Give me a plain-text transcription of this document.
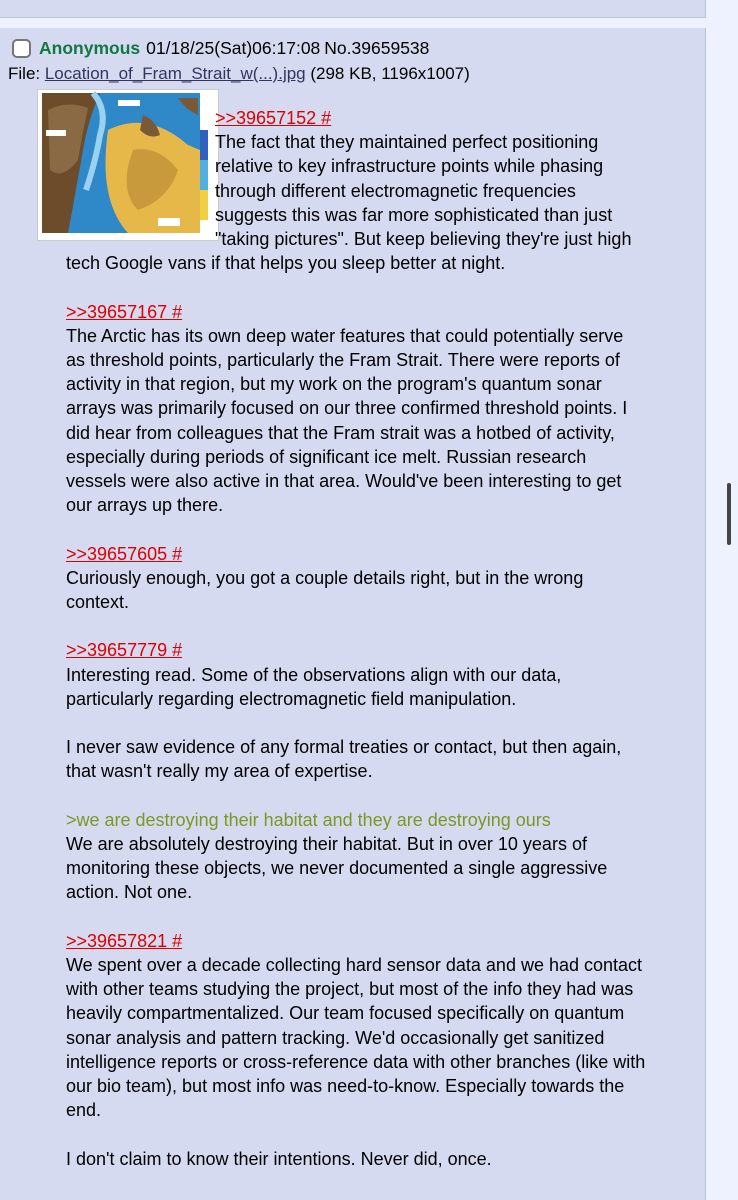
Anonymous 01/18/25(Sat)06:17:08 No.39659538
File: Location_of_Fram_Strait_w(...).jpg (298 KB, 1196x1007)

>>39657152 #
The fact that they maintained perfect positioning relative to key infrastructure points while phasing through different electromagnetic frequencies suggests this was far more sophisticated than just "taking pictures". But keep believing they're just high tech Google vans if that helps you sleep better at night.

>>39657167 #
The Arctic has its own deep water features that could potentially serve as threshold points, particularly the Fram Strait. There were reports of activity in that region, but my work on the program's quantum sonar arrays was primarily focused on our three confirmed threshold points. I did hear from colleagues that the Fram strait was a hotbed of activity, especially during periods of significant ice melt. Russian research vessels were also active in that area. Would've been interesting to get our arrays up there.

>>39657605 #
Curiously enough, you got a couple details right, but in the wrong context.

>>39657779 #
Interesting read. Some of the observations align with our data, particularly regarding electromagnetic field manipulation.

I never saw evidence of any formal treaties or contact, but then again, that wasn't really my area of expertise.

>we are destroying their habitat and they are destroying ours
We are absolutely destroying their habitat. But in over 10 years of monitoring these objects, we never documented a single aggressive action. Not one.

>>39657821 #
We spent over a decade collecting hard sensor data and we had contact with other teams studying the project, but most of the info they had was heavily compartmentalized. Our team focused specifically on quantum sonar analysis and pattern tracking. We'd occasionally get sanitized intelligence reports or cross-reference data with other branches (like with our bio team), but most info was need-to-know. Especially towards the end.

I don't claim to know their intentions. Never did, once.
